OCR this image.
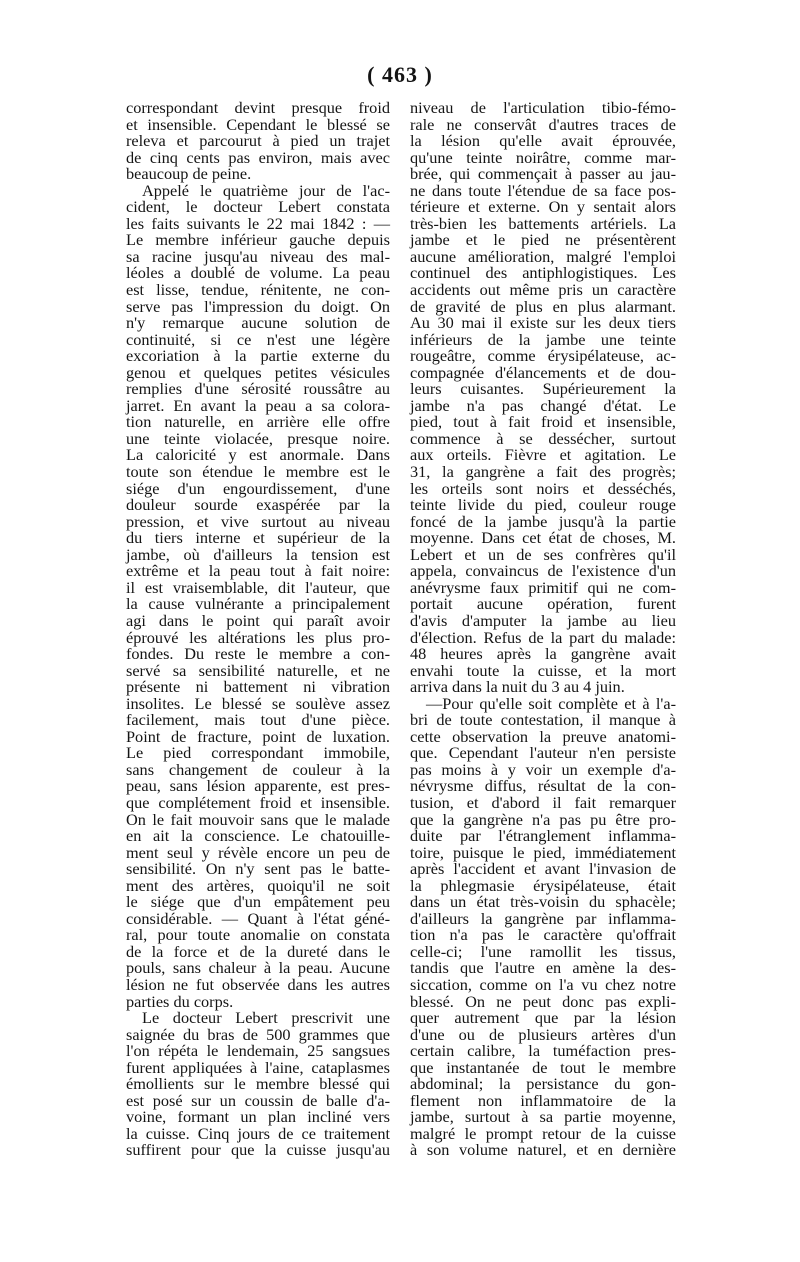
( 463 )
correspondant devint presque froid
et insensible. Cependant le blessé se
releva et parcourut à pied un trajet
de cinq cents pas environ, mais avec
beaucoup de peine.
Appelé le quatrième jour de l'ac-
cident, le docteur Lebert constata
les faits suivants le 22 mai 1842 : —
Le membre inférieur gauche depuis
sa racine jusqu'au niveau des mal-
léoles a doublé de volume. La peau
est lisse, tendue, rénitente, ne con-
serve pas l'impression du doigt. On
n'y remarque aucune solution de
continuité, si ce n'est une légère
excoriation à la partie externe du
genou et quelques petites vésicules
remplies d'une sérosité roussâtre au
jarret. En avant la peau a sa colora-
tion naturelle, en arrière elle offre
une teinte violacée, presque noire.
La caloricité y est anormale. Dans
toute son étendue le membre est le
siége d'un engourdissement, d'une
douleur sourde exaspérée par la
pression, et vive surtout au niveau
du tiers interne et supérieur de la
jambe, où d'ailleurs la tension est
extrême et la peau tout à fait noire:
il est vraisemblable, dit l'auteur, que
la cause vulnérante a principalement
agi dans le point qui paraît avoir
éprouvé les altérations les plus pro-
fondes. Du reste le membre a con-
servé sa sensibilité naturelle, et ne
présente ni battement ni vibration
insolites. Le blessé se soulève assez
facilement, mais tout d'une pièce.
Point de fracture, point de luxation.
Le pied correspondant immobile,
sans changement de couleur à la
peau, sans lésion apparente, est pres-
que complétement froid et insensible.
On le fait mouvoir sans que le malade
en ait la conscience. Le chatouille-
ment seul y révèle encore un peu de
sensibilité. On n'y sent pas le batte-
ment des artères, quoiqu'il ne soit
le siége que d'un empâtement peu
considérable. — Quant à l'état géné-
ral, pour toute anomalie on constata
de la force et de la dureté dans le
pouls, sans chaleur à la peau. Aucune
lésion ne fut observée dans les autres
parties du corps.
Le docteur Lebert prescrivit une
saignée du bras de 500 grammes que
l'on répéta le lendemain, 25 sangsues
furent appliquées à l'aine, cataplasmes
émollients sur le membre blessé qui
est posé sur un coussin de balle d'a-
voine, formant un plan incliné vers
la cuisse. Cinq jours de ce traitement
suffirent pour que la cuisse jusqu'au
niveau de l'articulation tibio-fémo-
rale ne conservât d'autres traces de
la lésion qu'elle avait éprouvée,
qu'une teinte noirâtre, comme mar-
brée, qui commençait à passer au jau-
ne dans toute l'étendue de sa face pos-
térieure et externe. On y sentait alors
très-bien les battements artériels. La
jambe et le pied ne présentèrent
aucune amélioration, malgré l'emploi
continuel des antiphlogistiques. Les
accidents out même pris un caractère
de gravité de plus en plus alarmant.
Au 30 mai il existe sur les deux tiers
inférieurs de la jambe une teinte
rougeâtre, comme érysipélateuse, ac-
compagnée d'élancements et de dou-
leurs cuisantes. Supérieurement la
jambe n'a pas changé d'état. Le
pied, tout à fait froid et insensible,
commence à se dessécher, surtout
aux orteils. Fièvre et agitation. Le
31, la gangrène a fait des progrès;
les orteils sont noirs et desséchés,
teinte livide du pied, couleur rouge
foncé de la jambe jusqu'à la partie
moyenne. Dans cet état de choses, M.
Lebert et un de ses confrères qu'il
appela, convaincus de l'existence d'un
anévrysme faux primitif qui ne com-
portait aucune opération, furent
d'avis d'amputer la jambe au lieu
d'élection. Refus de la part du malade:
48 heures après la gangrène avait
envahi toute la cuisse, et la mort
arriva dans la nuit du 3 au 4 juin.
—Pour qu'elle soit complète et à l'a-
bri de toute contestation, il manque à
cette observation la preuve anatomi-
que. Cependant l'auteur n'en persiste
pas moins à y voir un exemple d'a-
névrysme diffus, résultat de la con-
tusion, et d'abord il fait remarquer
que la gangrène n'a pas pu être pro-
duite par l'étranglement inflamma-
toire, puisque le pied, immédiatement
après l'accident et avant l'invasion de
la phlegmasie érysipélateuse, était
dans un état très-voisin du sphacèle;
d'ailleurs la gangrène par inflamma-
tion n'a pas le caractère qu'offrait
celle-ci; l'une ramollit les tissus,
tandis que l'autre en amène la des-
siccation, comme on l'a vu chez notre
blessé. On ne peut donc pas expli-
quer autrement que par la lésion
d'une ou de plusieurs artères d'un
certain calibre, la tuméfaction pres-
que instantanée de tout le membre
abdominal; la persistance du gon-
flement non inflammatoire de la
jambe, surtout à sa partie moyenne,
malgré le prompt retour de la cuisse
à son volume naturel, et en dernière
